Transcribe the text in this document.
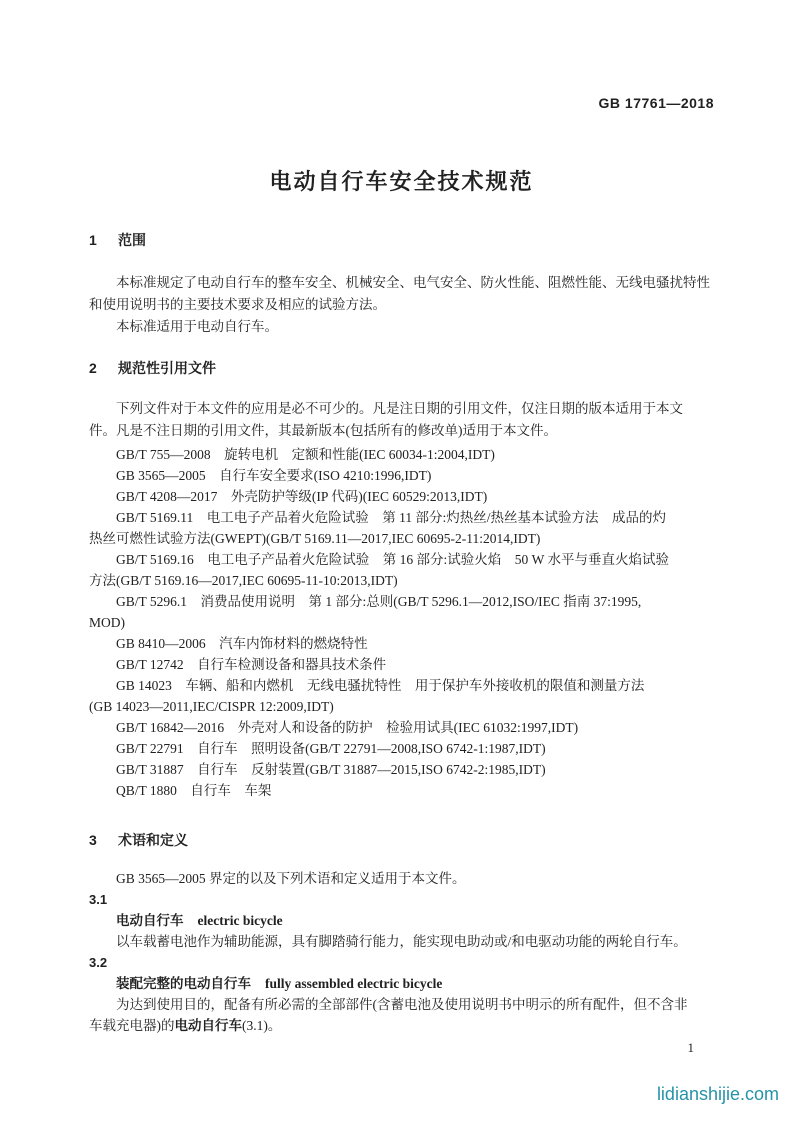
GB 17761—2018
电动自行车安全技术规范
1 范围
本标准规定了电动自行车的整车安全、机械安全、电气安全、防火性能、阻燃性能、无线电骚扰特性
和使用说明书的主要技术要求及相应的试验方法。
本标准适用于电动自行车。
2 规范性引用文件
下列文件对于本文件的应用是必不可少的。凡是注日期的引用文件，仅注日期的版本适用于本文
件。凡是不注日期的引用文件，其最新版本(包括所有的修改单)适用于本文件。
GB/T 755—2008　旋转电机　定额和性能(IEC 60034-1:2004,IDT)
GB 3565—2005　自行车安全要求(ISO 4210:1996,IDT)
GB/T 4208—2017　外壳防护等级(IP 代码)(IEC 60529:2013,IDT)
GB/T 5169.11　电工电子产品着火危险试验　第 11 部分:灼热丝/热丝基本试验方法　成品的灼
热丝可燃性试验方法(GWEPT)(GB/T 5169.11—2017,IEC 60695-2-11:2014,IDT)
GB/T 5169.16　电工电子产品着火危险试验　第 16 部分:试验火焰　50 W 水平与垂直火焰试验
方法(GB/T 5169.16—2017,IEC 60695-11-10:2013,IDT)
GB/T 5296.1　消费品使用说明　第 1 部分:总则(GB/T 5296.1—2012,ISO/IEC 指南 37:1995,
MOD)
GB 8410—2006　汽车内饰材料的燃烧特性
GB/T 12742　自行车检测设备和器具技术条件
GB 14023　车辆、船和内燃机　无线电骚扰特性　用于保护车外接收机的限值和测量方法
(GB 14023—2011,IEC/CISPR 12:2009,IDT)
GB/T 16842—2016　外壳对人和设备的防护　检验用试具(IEC 61032:1997,IDT)
GB/T 22791　自行车　照明设备(GB/T 22791—2008,ISO 6742-1:1987,IDT)
GB/T 31887　自行车　反射装置(GB/T 31887—2015,ISO 6742-2:1985,IDT)
QB/T 1880　自行车　车架
3 术语和定义
GB 3565—2005 界定的以及下列术语和定义适用于本文件。
3.1
电动自行车 electric bicycle
以车载蓄电池作为辅助能源，具有脚踏骑行能力，能实现电助动或/和电驱动功能的两轮自行车。
3.2
装配完整的电动自行车 fully assembled electric bicycle
为达到使用目的，配备有所必需的全部部件(含蓄电池及使用说明书中明示的所有配件，但不含非
车载充电器)的电动自行车(3.1)。
1
lidianshijie.com
